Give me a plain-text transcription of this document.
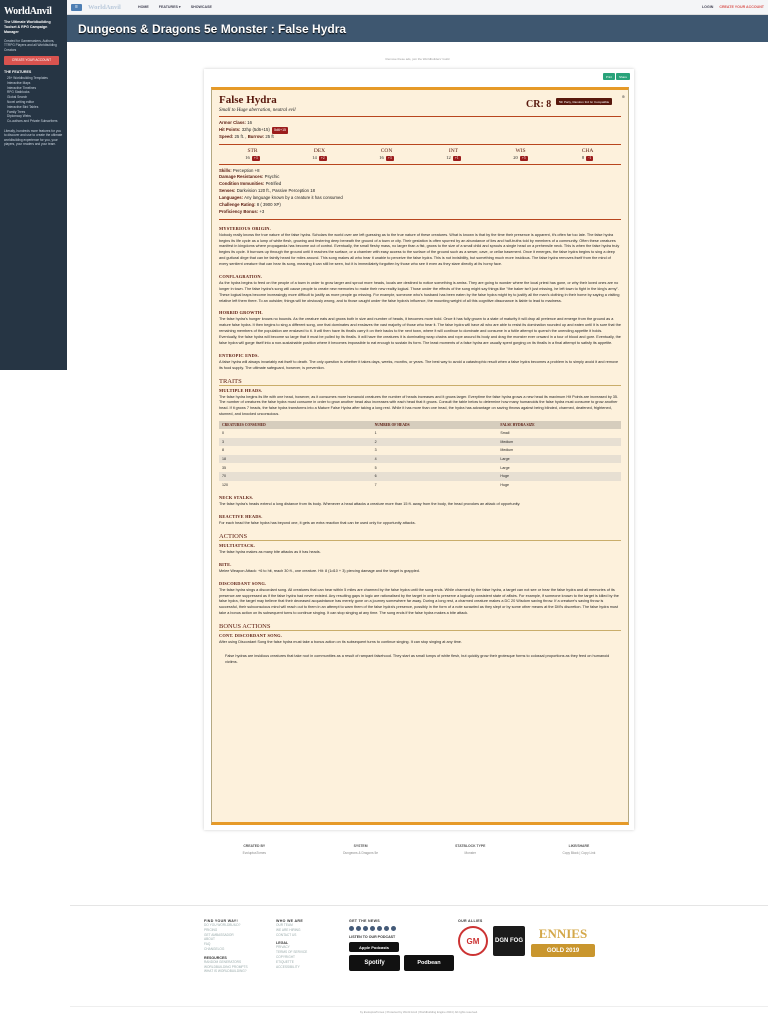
WorldAnvil
The Ultimate Worldbuilding Toolset & RPG Campaign Manager
Created for Gamemasters, Authors, TTRPG Players and all Worldbuilding Creators
CREATE YOUR ACCOUNT
THE FEATURES
25+ Worldbuilding Templates
Interactive Maps
Interactive Timelines
RPG Statblocks
Global Search
Novel writing editor
Interactive Bird Tables
Family Trees
Diplomacy Webs
Co-authors and Private Subscribers
Literally, hundreds more features for you to discover and use to create the ultimate worldbuilding experience for you, your players, your readers and your team.
≡ WorldAnvil	HOME	FEATURES ▾	SHOWCASE	LOGIN CREATE YOUR ACCOUNT
Dungeons & Dragons 5e Monster : False Hydra
Remove these ads, join the Worldbuilders' Guild
Print	Share
False Hydra
Small to Huge aberration, neutral evil
CR: 8	5th Party, Random 3rd Gr Compatible
⊕
Armor Class: 16
Hit Points: 32hp (5d6+15) 5d6+15
Speed: 25 ft. , Burrow: 25 ft
STR
16 +3
DEX
14 +2
CON
16 +3
INT
12 +1
WIS
20 +5
CHA
8 -1
Skills: Perception +8
Damage Resistances: Psychic
Condition Immunities: Petrified
Senses: Darkvision 120 ft., Passive Perception 18
Languages: Any language known by a creature it has consumed
Challenge Rating: 8 ( 3900 XP)
Proficiency Bonus: +3
MYSTERIOUS ORIGIN.

Nobody really knows the true nature of the false hydra. Scholars the world over are left guessing as to the true nature of these creatures. What is known is that by the time their presence is apparent, it's often far too late. The false hydra begins its life cycle as a lump of white flesh, growing and festering deep beneath the ground of a town or city. Their gestation is often spurred by an abundance of lies and half-truths told by members of a community. Often these creatures manifest in kingdoms where propaganda has become out of control. Eventually, the small fleshy mass, no larger than a fist, grows to the size of a small child and sprouts a single head on a prehensile neck. This is when the false hydra truly begins its cycle. It burrows up through the ground until it reaches the surface, or a chamber with easy access to the surface of the ground such as a sewer, cave, or cellar basement. Once it emerges, the false hydra begins to sing a deep and guttural dirge that can be faintly heard for miles around. This song makes all who hear it unable to perceive the false hydra. This is not invisibility, but something much more insidious. The false hydra removes itself from the mind of every sentient creature that can hear its song, meaning it can still be seen, but it is immediately forgotten by those who see it even as they stare directly at its horny face.

CONFLAGRATION.

As the hydra begins to feed on the people of a town in order to grow larger and sprout more heads, locals are destined to notice something is amiss. They are going to wonder where the local priest has gone, or why their loved ones are no longer in town. The false hydra's song will cause people to create new memories to make their new reality logical. Those under the effects of the song might say things like "the baker isn't just missing, he left town to fight in the king's army". These logical leaps become increasingly more difficult to justify as more people go missing. For example, someone who's husband has been eaten by the false hydra might try to justify all the man's clothing in their home by saying a visiting relative left them there. To an outsider, things will be obviously wrong, and to those caught under the false hydra's influence, the mounting weight of all this cognitive dissonance is liable to lead to madness.

HORRID GROWTH.

The false hydra's hunger knows no bounds. As the creature eats and grows both in size and number of heads, it becomes more bold. Once it has fully grown to a state of maturity it will drop all pretence and emerge from the ground as a mature false hydra. It then begins to sing a different song, one that dominates and enslaves the vast majority of those who hear it. The false hydra will have all who are able to resist its domination rounded up and eaten until it is sure that the remaining members of the population are enslaved to it. It will then have its thralls carry it on their backs to the next town, where it will continue to dominate and consume in a futile attempt to quench the unending appetite it holds. Eventually, the false hydra will become so large that it must be pulled by its thralls. It will have the creatures it is dominating wrap chains and rope around its body and drag the monster ever onward in a tour of blood and gore. Eventually, the false hydra will gorge itself into a non-sustainable position where it becomes impossible to eat enough to sustain its form. The least moments of a false hydra are usually spent gorging on its thralls in a final attempt to satisfy its appetite.

ENTROPIC ENDS.

A false hydra will always invariably eat itself to death. The only question is whether it takes days, weeks, months, or years. The best way to avoid a catastrophic result when a false hydra becomes a problem is to simply avoid it and remove its food supply. The ultimate safeguard, however, is prevention.

TRAITS
MULTIPLE HEADS.

The false hydra begins its life with one head, however, as it consumes more humanoid creatures the number of heads increases and it grows larger. Everytime the false hydra grows a new head its maximum Hit Points are increased by 35. The number of creatures the false hydra must consume in order to grow another head also increases with each head that it grows. Consult the table below to determine how many humanoids the false hydra must consume to grow another head. If it grows 7 heads, the false hydra transforms into a Mature False Hydra after taking a long rest. While it has more than one head, the hydra has advantage on saving throws against being blinded, charmed, deafened, frightened, stunned, and knocked unconscious.

CREATURES CONSUMED	NUMBER OF HEADS	FALSE HYDRA SIZE
0	1	Small
3	2	Medium
8	3	Medium
18	4	Large
35	5	Large
70	6	Huge
120	7	Huge
NECK STALKS.

The false hydra's heads extend a long distance from its body. Whenever a head attacks a creature more than 15 ft. away from the body, the head provokes an attack of opportunity.

REACTIVE HEADS.

For each head the false hydra has beyond one, it gets an extra reaction that can be used only for opportunity attacks.

ACTIONS
MULTIATTACK.

The false hydra makes as many bite attacks as it has heads.

BITE.

Melee Weapon Attack: +6 to hit, reach 30 ft., one creature. Hit: 8 (1d10 + 3) piercing damage and the target is grappled.

DISCORDANT SONG.

The false hydra sings a discordant song. All creatures that can hear within 5 miles are charmed by the false hydra until the song ends. While charmed by the false hydra, a target can not see or hear the false hydra and all memories of its presence are suppressed as if the false hydra had never existed. Any resulting gaps in logic are rationalised by the target in order to preserve a logically consistent state of affairs. For example, if someone known to the target is killed by the false hydra, the target may believe that their deceased acquaintance has merely gone on a journey somewhere far away. During a long rest, a charmed creature makes a DC 20 Wisdom saving throw. If a creature's saving throw is successful, their subconscious mind will reach out to them in an attempt to warn them of the false hydra's presence, possibly in the form of a note scrawled as they slept or by some other means at the DM's discretion. The false hydra must take a bonus action on its subsequent turns to continue singing. It can stop singing at any time. The song ends if the false hydra makes a bite attack.

BONUS ACTIONS
CONT. DISCORDANT SONG.

After using Discordant Song the false hydra must take a bonus action on its subsequent turns to continue singing. It can stop singing at any time.

False hydras are insidious creatures that take root in communities as a result of rampant falsehood. They start as small lumps of white flesh, but quickly grow their grotesque forms to colossal proportions as they feed on humanoid victims.

CREATED BY
EvoluptusTomes
SYSTEM
Dungeons & Dragons 5e
STATBLOCK TYPE
Monster
LIKE/SHARE
Copy Block | Copy Link
FIND YOUR WAY!
DO YOU WORLDBUILD?
PRICING
GET AMBASSADOR
ABOUT
FAQ
CHANGELOG
RESOURCES
RANDOM GENERATORS
WORLDBUILDING PROMPTS
WHAT IS WORLDBUILDING?
WHO WE ARE
OUR TEAM
WE ARE HIRING
CONTACT US
LEGAL
PRIVACY
TERMS OF SERVICE
COPYRIGHT
ETIQUETTE
ACCESSIBILITY
GET THE NEWS
LISTEN TO OUR PODCAST
Apple Podcasts
Spotify	Podbean
OUR ALLIES
GM	DGN FOG ENNIES
GOLD 2019
by EvoluptusTomes | Protected by World Anvil | Worldbuilding Engine 2024 | All rights reserved.
